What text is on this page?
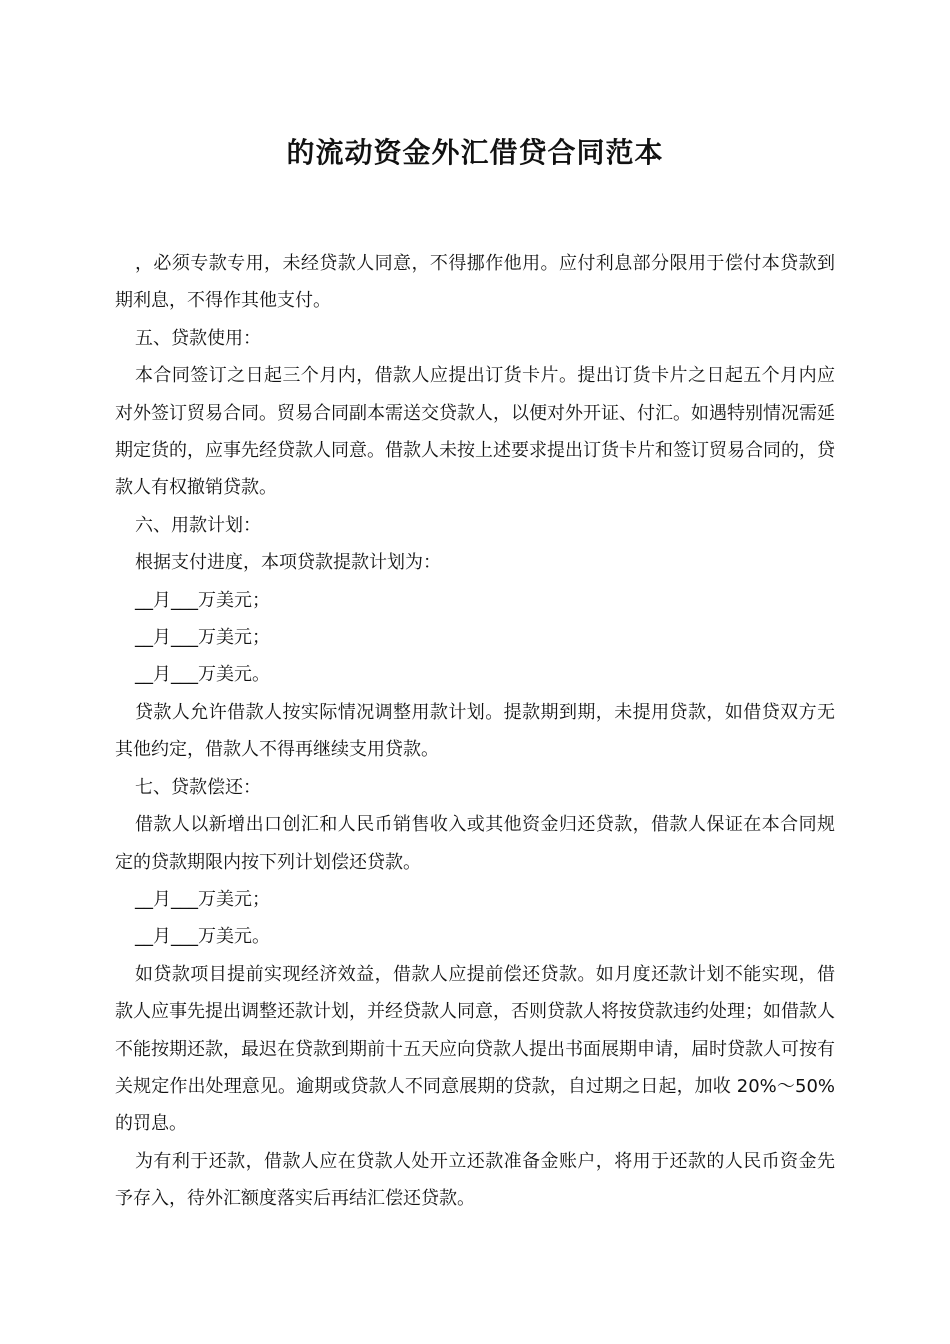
的流动资金外汇借贷合同范本

，必须专款专用，未经贷款人同意，不得挪作他用。应付利息部分限用于偿付本贷款到期利息，不得作其他支付。

五、贷款使用：

本合同签订之日起三个月内，借款人应提出订货卡片。提出订货卡片之日起五个月内应对外签订贸易合同。贸易合同副本需送交贷款人，以便对外开证、付汇。如遇特别情况需延期定货的，应事先经贷款人同意。借款人未按上述要求提出订货卡片和签订贸易合同的，贷款人有权撤销贷款。

六、用款计划：

根据支付进度，本项贷款提款计划为：

__月___万美元；

__月___万美元；

__月___万美元。

贷款人允许借款人按实际情况调整用款计划。提款期到期，未提用贷款，如借贷双方无其他约定，借款人不得再继续支用贷款。

七、贷款偿还：

借款人以新增出口创汇和人民币销售收入或其他资金归还贷款，借款人保证在本合同规定的贷款期限内按下列计划偿还贷款。

__月___万美元；

__月___万美元。

如贷款项目提前实现经济效益，借款人应提前偿还贷款。如月度还款计划不能实现，借款人应事先提出调整还款计划，并经贷款人同意，否则贷款人将按贷款违约处理；如借款人不能按期还款，最迟在贷款到期前十五天应向贷款人提出书面展期申请，届时贷款人可按有关规定作出处理意见。逾期或贷款人不同意展期的贷款，自过期之日起，加收 20%～50%的罚息。

为有利于还款，借款人应在贷款人处开立还款准备金账户，将用于还款的人民币资金先予存入，待外汇额度落实后再结汇偿还贷款。
